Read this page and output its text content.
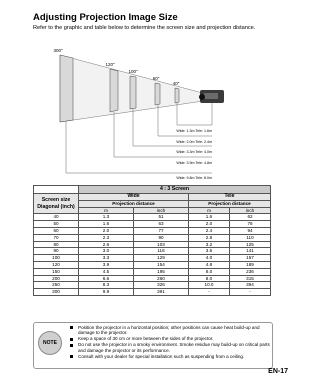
Adjusting Projection Image Size

Refer to the graphic and table below to determine the screen size and projection distance.

300"
120"
100"
60"
40"
Wide: 1.3m Tele: 1.6m
Wide: 2.0m Tele: 2.4m
Wide: 3.3m Tele: 4.0m
Wide: 3.9m Tele: 4.8m
Wide: 9.8m Tele: 8.0m
	4 : 3 Screen			
Screen size Diagonal (inch)	Wide		Tele	
	Projection distance		Projection distance	
	m	inch	m	inch
40	1.3	51	1.6	62
50	1.6	63	2.0	78
60	2.0	77	2.4	94
70	2.3	90	2.8	110
80	2.6	103	3.2	125
90	3.0	116	3.6	141
100	3.3	129	4.0	157
120	3.9	154	4.8	189
150	4.5	195	6.0	236
200	6.6	260	8.0	315
250	8.3	326	10.0	394
300	9.9	391	-	-
NOTE
Position the projector in a horizontal position; other positions can cause heat build-up and damage to the projector.
Keep a space of 30 cm or more between the sides of the projector.
Do not use the projector in a smoky environment. Smoke residue may build-up on critical parts and damage the projector or its performance.
Consult with your dealer for special installation such as suspending from a ceiling.
EN-17
